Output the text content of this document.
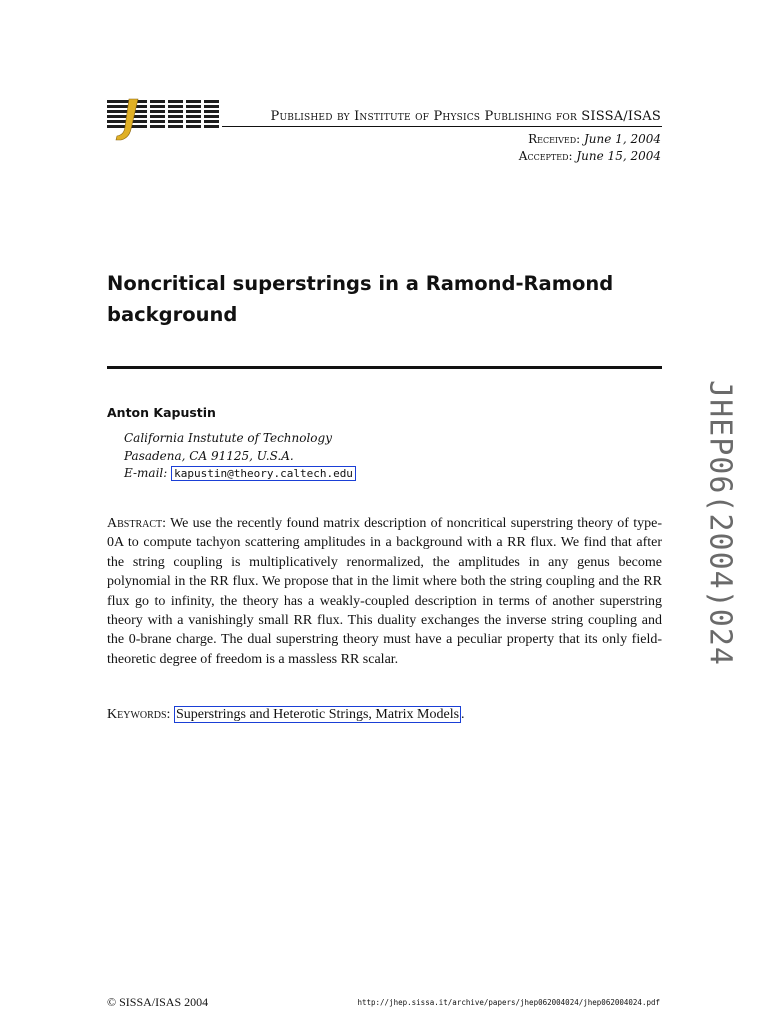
Published by Institute of Physics Publishing for SISSA/ISAS
Received: June 1, 2004
Accepted: June 15, 2004
Noncritical superstrings in a Ramond-Ramond background
Anton Kapustin
California Instutute of Technology
Pasadena, CA 91125, U.S.A.
E-mail: kapustin@theory.caltech.edu

Abstract: We use the recently found matrix description of noncritical superstring theory of type-0A to compute tachyon scattering amplitudes in a background with a RR flux. We find that after the string coupling is multiplicatively renormalized, the amplitudes in any genus become polynomial in the RR flux. We propose that in the limit where both the string coupling and the RR flux go to infinity, the theory has a weakly-coupled description in terms of another superstring theory with a vanishingly small RR flux. This duality exchanges the inverse string coupling and the 0-brane charge. The dual superstring theory must have a peculiar property that its only field-theoretic degree of freedom is a massless RR scalar.

Keywords: Superstrings and Heterotic Strings, Matrix Models .
JHEP06(2004)024
© SISSA/ISAS 2004	http://jhep.sissa.it/archive/papers/jhep062004024/jhep062004024.pdf
